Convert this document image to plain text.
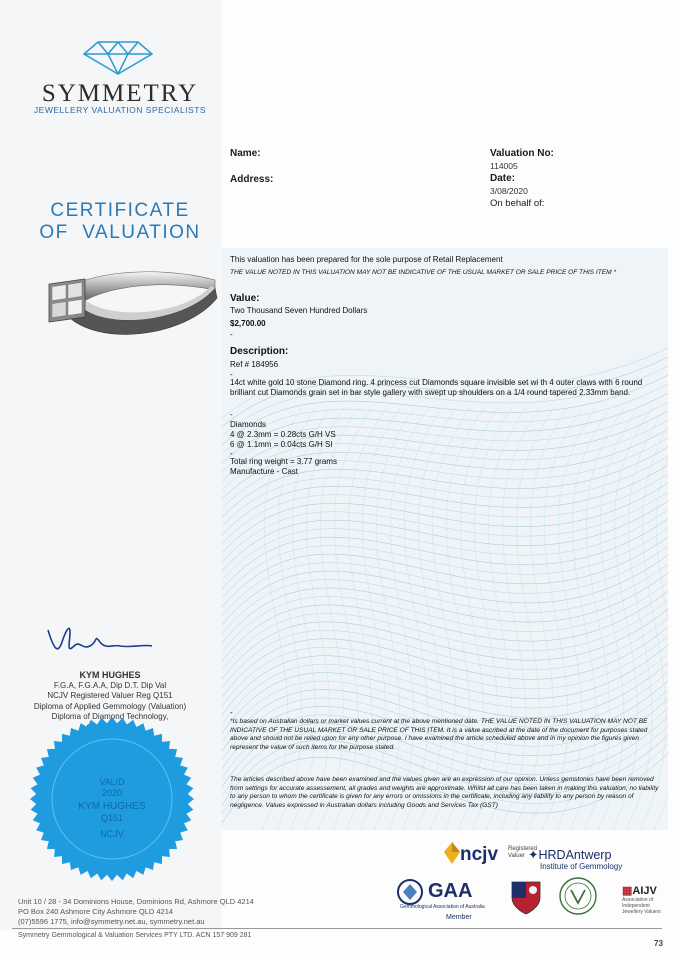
SYMMETRY
JEWELLERY VALUATION SPECIALISTS
CERTIFICATE
OF  VALUATION
KYM HUGHES
F.G.A, F.G.A.A, Dip D.T. Dip Val
NCJV Registered Valuer Reg Q151
Diploma of Applied Gemmology (Valuation)
Diploma of Diamond Technology,
VALID
2020
KYM HUGHES
Q151
NCJV
Name:
Address:
Valuation No:
114005
Date:
3/08/2020
On behalf of:
This valuation has been prepared for the sole purpose of Retail Replacement
THE VALUE NOTED IN THIS VALUATION MAY NOT BE INDICATIVE OF THE USUAL MARKET OR SALE PRICE OF THIS ITEM *
Value:
Two Thousand Seven Hundred Dollars
$2,700.00
-
Description:
Ref # 184956
-
14ct white gold 10 stone Diamond ring. 4 princess cut Diamonds square invisible set wi th 4 outer claws with 6 round brilliant cut Diamonds grain set in bar style gallery with swept up shoulders on a 1/4 round tapered 2.33mm band.
-
Diamonds
4 @ 2.3mm = 0.28cts G/H VS
6 @ 1.1mm = 0.04cts G/H SI
-
Total ring weight = 3.77 grams
Manufacture - Cast
-
*Is based on Australian dollars or market values current at the above mentioned date. THE VALUE NOTED IN THIS VALUATION MAY NOT BE INDICATIVE OF THE USUAL MARKET OR SALE PRICE OF THIS ITEM. It is a value ascribed at the date of the document for purposes stated above and should not be relied upon for any other purpose. I have examined the article scheduled above and in my opinion the figures given represent the value of such items for the purpose stated.
The articles described above have been examined and the values given are an expression of our opinion. Unless gemstones have been removed from settings for accurate assessement, all grades and weights are approximate. Whilst all care has been taken in making this valuation, no liability to any person to whom the certificate is given for any errors or omissions in the certificate, including any liability to any person by reason of negligence. Values expressed in Australian dollars including Goods and Services Tax (GST)
ncjv Registered Valuer ✦HRDAntwerp
Institute of Gemmology
GAA
Gemmological Association of Australia
Member
▦AIJV
Association of Independent Jewellery Valuers
Unit 10 / 28 - 34 Dominions House, Dominions Rd, Ashmore QLD 4214
PO Box 240 Ashmore City Ashmore QLD 4214
(07)5596 1775, info@symmetry.net.au, symmetry.net.au
Symmetry Gemmological & Valuation Services PTY LTD. ACN 157 909 281
73
